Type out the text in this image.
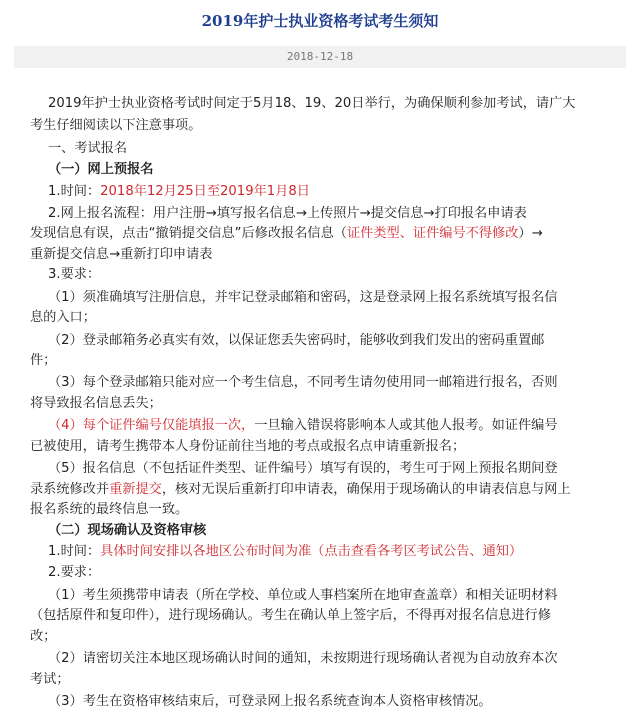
2019年护士执业资格考试考生须知
2018-12-18
2019年护士执业资格考试时间定于5月18、19、20日举行，为确保顺利参加考试，请广大
考生仔细阅读以下注意事项。
一、考试报名
（一）网上预报名
1.时间：2018年12月25日至2019年1月8日
2.网上报名流程：用户注册→填写报名信息→上传照片→提交信息→打印报名申请表
发现信息有误，点击“撤销提交信息”后修改报名信息（证件类型、证件编号不得修改）→
重新提交信息→重新打印申请表
3.要求：
（1）须准确填写注册信息，并牢记登录邮箱和密码，这是登录网上报名系统填写报名信
息的入口；
（2）登录邮箱务必真实有效，以保证您丢失密码时，能够收到我们发出的密码重置邮
件；
（3）每个登录邮箱只能对应一个考生信息，不同考生请勿使用同一邮箱进行报名，否则
将导致报名信息丢失；
（4）每个证件编号仅能填报一次，一旦输入错误将影响本人或其他人报考。如证件编号
已被使用，请考生携带本人身份证前往当地的考点或报名点申请重新报名；
（5）报名信息（不包括证件类型、证件编号）填写有误的，考生可于网上预报名期间登
录系统修改并重新提交，核对无误后重新打印申请表，确保用于现场确认的申请表信息与网上
报名系统的最终信息一致。
（二）现场确认及资格审核
1.时间：具体时间安排以各地区公布时间为准（点击查看各考区考试公告、通知）
2.要求：
（1）考生须携带申请表（所在学校、单位或人事档案所在地审查盖章）和相关证明材料
（包括原件和复印件），进行现场确认。考生在确认单上签字后，不得再对报名信息进行修
改；
（2）请密切关注本地区现场确认时间的通知，未按期进行现场确认者视为自动放弃本次
考试；
（3）考生在资格审核结束后，可登录网上报名系统查询本人资格审核情况。
